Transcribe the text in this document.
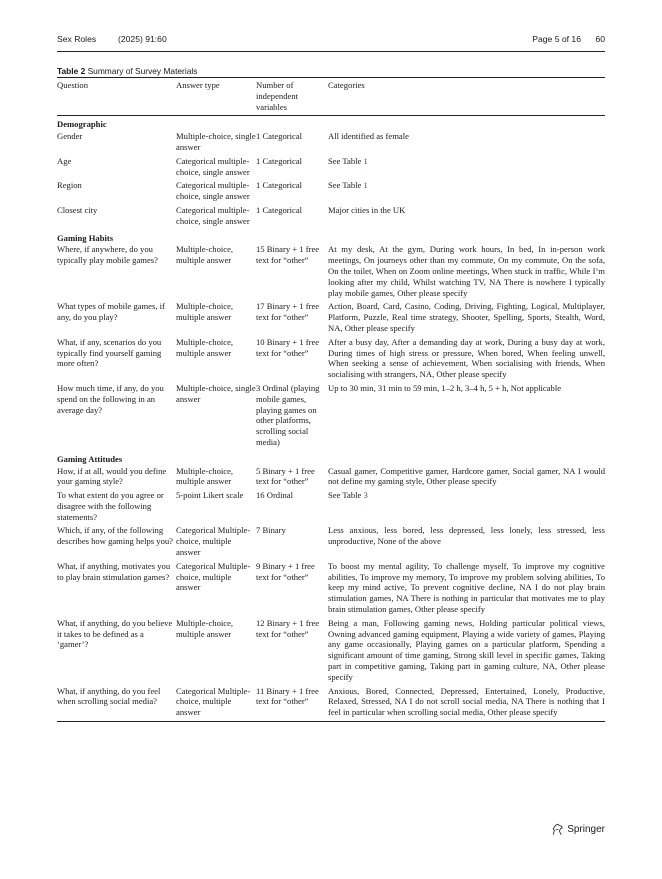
Sex Roles	(2025) 91:60	Page 5 of 16 60
Table 2 Summary of Survey Materials
Question	Answer type	Number of independent variables	Categories

Demographic			
Gender	Multiple-choice, single answer	1 Categorical	All identified as female
Age	Categorical multiple-choice, single answer	1 Categorical	See Table 1
Region	Categorical multiple-choice, single answer	1 Categorical	See Table 1
Closest city	Categorical multiple-choice, single answer	1 Categorical	Major cities in the UK
Gaming Habits			
Where, if anywhere, do you typically play mobile games?	Multiple-choice, multiple answer	15 Binary + 1 free text for “other”	At my desk, At the gym, During work hours, In bed, In in-person work meetings, On journeys other than my commute, On my commute, On the sofa, On the toilet, When on Zoom online meetings, When stuck in traffic, While I’m looking after my child, Whilst watching TV, NA There is nowhere I typically play mobile games, Other please specify
What types of mobile games, if any, do you play?	Multiple-choice, multiple answer	17 Binary + 1 free text for “other”	Action, Board, Card, Casino, Coding, Driving, Fighting, Logical, Multiplayer, Platform, Puzzle, Real time strategy, Shooter, Spelling, Sports, Stealth, Word, NA, Other please specify
What, if any, scenarios do you typically find yourself gaming more often?	Multiple-choice, multiple answer	10 Binary + 1 free text for “other”	After a busy day, After a demanding day at work, During a busy day at work, During times of high stress or pressure, When bored, When feeling unwell, When seeking a sense of achievement, When socialising with friends, When socialising with strangers, NA, Other please specify
How much time, if any, do you spend on the following in an average day?	Multiple-choice, single answer	3 Ordinal (playing mobile games, playing games on other platforms, scrolling social media)	Up to 30 min, 31 min to 59 min, 1–2 h, 3–4 h, 5 + h, Not applicable
Gaming Attitudes			
How, if at all, would you define your gaming style?	Multiple-choice, multiple answer	5 Binary + 1 free text for “other”	Casual gamer, Competitive gamer, Hardcore gamer, Social gamer, NA I would not define my gaming style, Other please specify
To what extent do you agree or disagree with the following statements?	5-point Likert scale	16 Ordinal	See Table 3
Which, if any, of the following describes how gaming helps you?	Categorical Multiple-choice, multiple answer	7 Binary	Less anxious, less bored, less depressed, less lonely, less stressed, less unproductive, None of the above
What, if anything, motivates you to play brain stimulation games?	Categorical Multiple-choice, multiple answer	9 Binary + 1 free text for “other”	To boost my mental agility, To challenge myself, To improve my cognitive abilities, To improve my memory, To improve my problem solving abilities, To keep my mind active, To prevent cognitive decline, NA I do not play brain stimulation games, NA There is nothing in particular that motivates me to play brain stimulation games, Other please specify
What, if anything, do you believe it takes to be defined as a ‘gamer’?	Multiple-choice, multiple answer	12 Binary + 1 free text for “other”	Being a man, Following gaming news, Holding particular political views, Owning advanced gaming equipment, Playing a wide variety of games, Playing any game occasionally, Playing games on a particular platform, Spending a significant amount of time gaming, Strong skill level in specific games, Taking part in competitive gaming, Taking part in gaming culture, NA, Other please specify
What, if anything, do you feel when scrolling social media?	Categorical Multiple-choice, multiple answer	11 Binary + 1 free text for “other”	Anxious, Bored, Connected, Depressed, Entertained, Lonely, Productive, Relaxed, Stressed, NA I do not scroll social media, NA There is nothing that I feel in particular when scrolling social media, Other please specify
Springer
